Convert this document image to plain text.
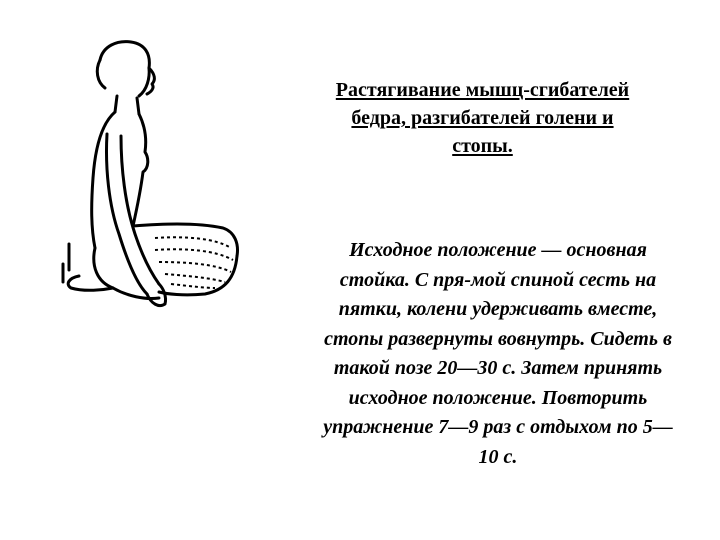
Растягивание мышц-сгибателей
бедра, разгибателей голени и
стопы.
Исходное положение — основная
стойка. С пря-мой спиной сесть на
пятки, колени удерживать вместе,
стопы развернуты вовнутрь. Сидеть в
такой позе 20—30 с. Затем принять
исходное положение. Повторить
упражнение 7—9 раз с отдыхом по 5—
10 с.
